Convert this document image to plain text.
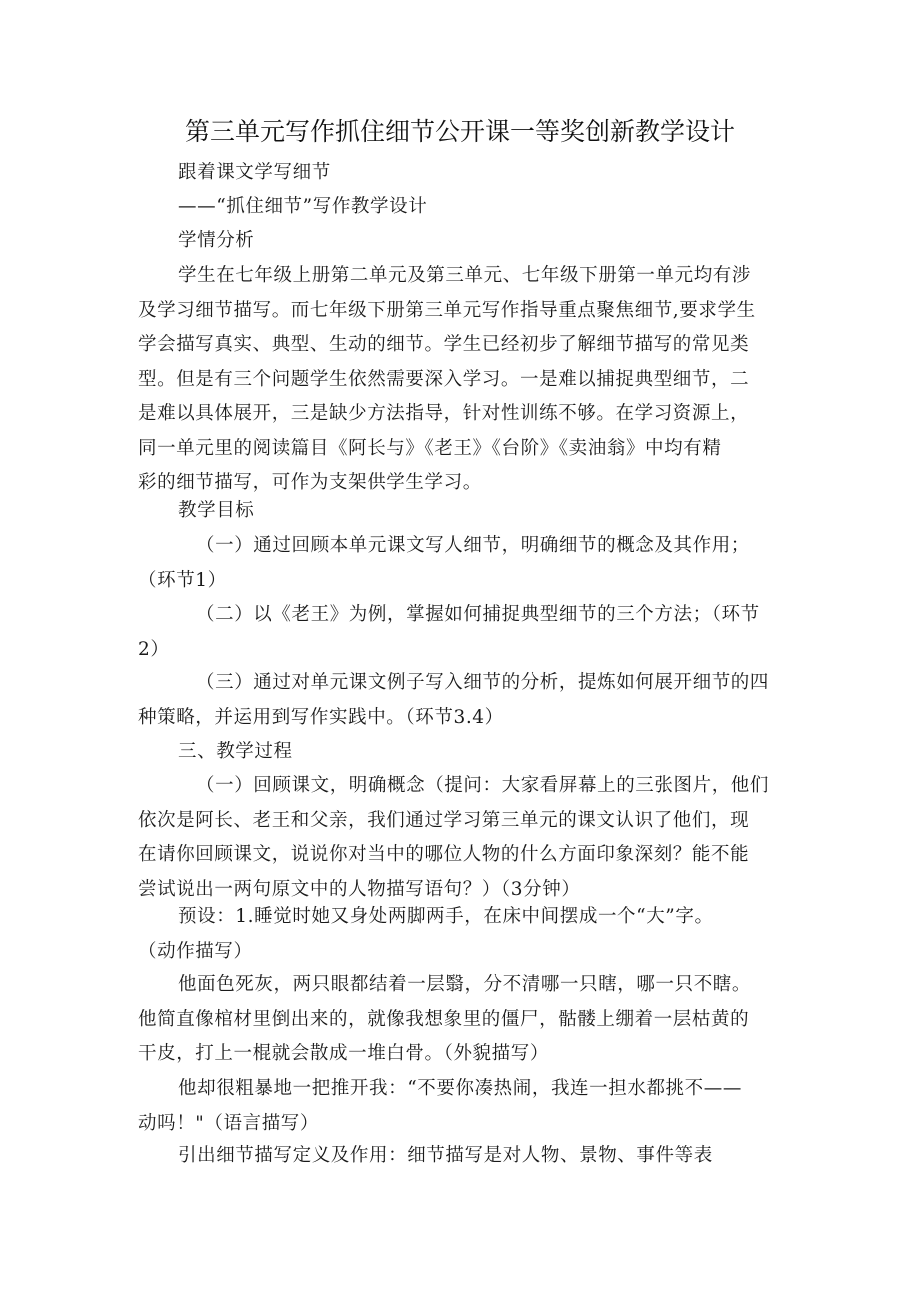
第三单元写作抓住细节公开课一等奖创新教学设计

跟着课文学写细节

——“抓住细节”写作教学设计

学情分析

学生在七年级上册第二单元及第三单元、七年级下册第一单元均有涉
及学习细节描写。而七年级下册第三单元写作指导重点聚焦细节,要求学生
学会描写真实、典型、生动的细节。学生已经初步了解细节描写的常见类
型。但是有三个问题学生依然需要深入学习。一是难以捕捉典型细节，二
是难以具体展开，三是缺少方法指导，针对性训练不够。在学习资源上，
同一单元里的阅读篇目《阿长与》《老王》《台阶》《卖油翁》中均有精
彩的细节描写，可作为支架供学生学习。

教学目标

（一）通过回顾本单元课文写人细节，明确细节的概念及其作用；
（环节1）

（二）以《老王》为例，掌握如何捕捉典型细节的三个方法；（环节
2）

（三）通过对单元课文例子写入细节的分析，提炼如何展开细节的四
种策略，并运用到写作实践中。（环节3.4）

三、教学过程

（一）回顾课文，明确概念（提问：大家看屏幕上的三张图片，他们
依次是阿长、老王和父亲，我们通过学习第三单元的课文认识了他们，现
在请你回顾课文，说说你对当中的哪位人物的什么方面印象深刻？能不能
尝试说出一两句原文中的人物描写语句？）（3分钟）

预设：1.睡觉时她又身处两脚两手，在床中间摆成一个“大”字。
（动作描写）

他面色死灰，两只眼都结着一层翳，分不清哪一只瞎，哪一只不瞎。
他简直像棺材里倒出来的，就像我想象里的僵尸，骷髅上绷着一层枯黄的
干皮，打上一棍就会散成一堆白骨。（外貌描写）

他却很粗暴地一把推开我：“不要你凑热闹，我连一担水都挑不——
动吗！"（语言描写）

引出细节描写定义及作用：细节描写是对人物、景物、事件等表
